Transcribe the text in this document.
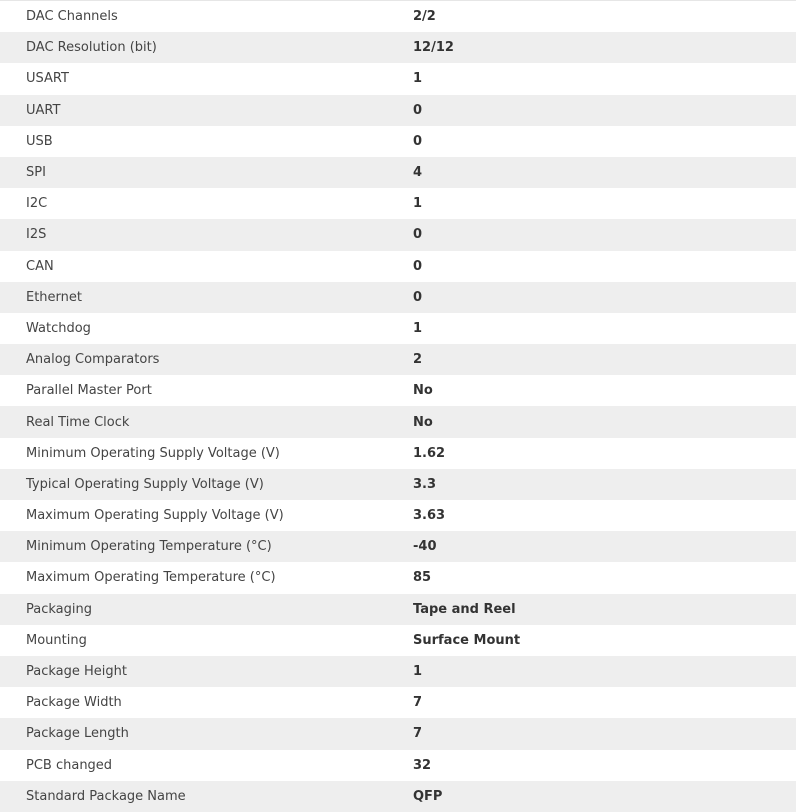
DAC Channels	2/2
DAC Resolution (bit)	12/12
USART	1
UART	0
USB	0
SPI	4
I2C	1
I2S	0
CAN	0
Ethernet	0
Watchdog	1
Analog Comparators	2
Parallel Master Port	No
Real Time Clock	No
Minimum Operating Supply Voltage (V)	1.62
Typical Operating Supply Voltage (V)	3.3
Maximum Operating Supply Voltage (V)	3.63
Minimum Operating Temperature (°C)	-40
Maximum Operating Temperature (°C)	85
Packaging	Tape and Reel
Mounting	Surface Mount
Package Height	1
Package Width	7
Package Length	7
PCB changed	32
Standard Package Name	QFP
